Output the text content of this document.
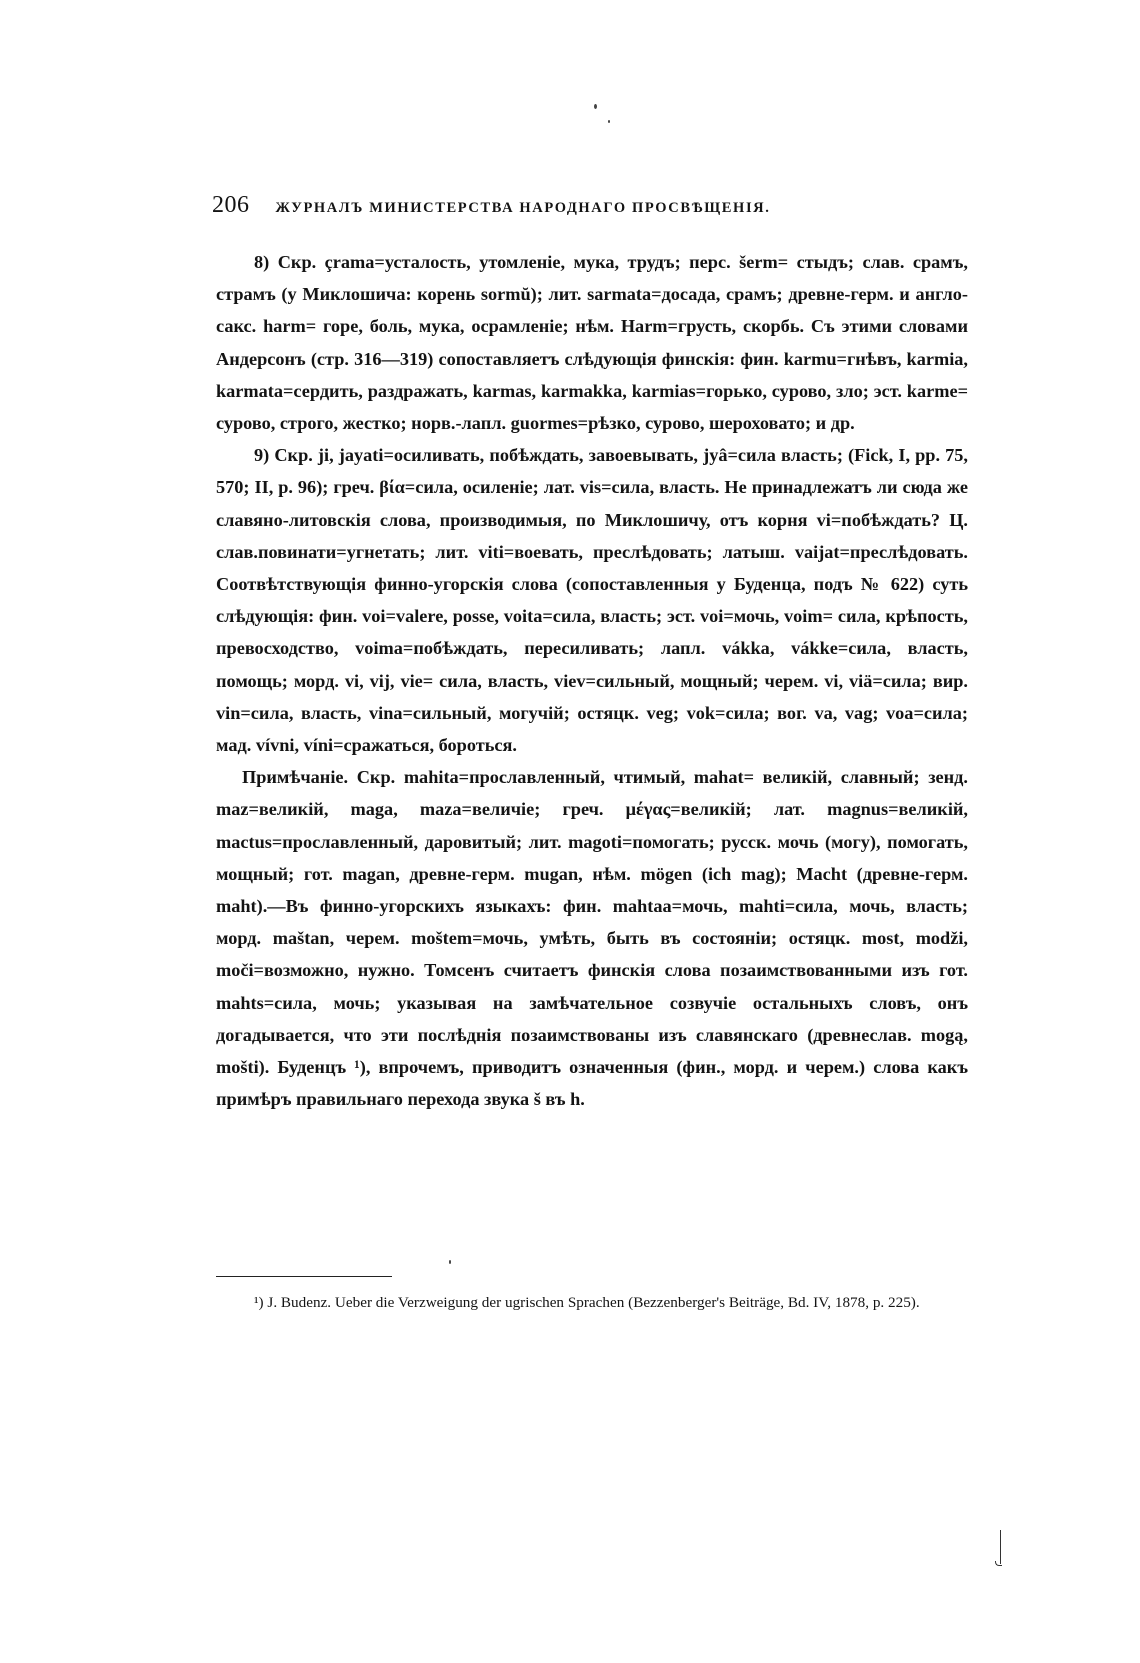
206 ЖУРНАЛЪ МИНИСТЕРСТВА НАРОДНАГО ПРОСВѢЩЕНІЯ.

8) Скр. çrama=усталость, утомленіе, мука, трудъ; перс. šerm= стыдъ; слав. срамъ, страмъ (у Миклошича: корень sormŭ); лит. sarmata=досада, срамъ; древне-герм. и англо-сакс. harm= горе, боль, мука, осрамленіе; нѣм. Harm=грусть, скорбь. Съ этими словами Андерсонъ (стр. 316—319) сопоставляетъ слѣдующія финскія: фин. karmu=гнѣвъ, karmia, karmata=сердить, раздражать, karmas, karmakka, karmias=горько, сурово, зло; эст. karme= сурово, строго, жестко; норв.-лапл. guormes=рѣзко, сурово, шероховато; и др.

9) Скр. ji, jayati=осиливать, побѣждать, завоевывать, jyâ=сила власть; (Fick, I, pp. 75, 570; II, p. 96); греч. βία=сила, осиленіе; лат. vis=сила, власть. Не принадлежатъ ли сюда же славяно-литовскія слова, производимыя, по Миклошичу, отъ корня vi=побѣждать? Ц. слав.повинати=угнетать; лит. viti=воевать, преслѣдовать; латыш. vaijat=преслѣдовать. Соотвѣтствующія финно-угорскія слова (сопоставленныя у Буденца, подъ № 622) суть слѣдующія: фин. voi=valere, posse, voita=сила, власть; эст. voi=мочь, voim= сила, крѣпость, превосходство, voima=побѣждать, пересиливать; лапл. vákka, vákke=сила, власть, помощь; морд. vi, vij, vie= сила, власть, viev=сильный, мощный; черем. vi, viä=сила; вир. vin=сила, власть, vina=сильный, могучій; остяцк. veg; vok=сила; вог. va, vag; voa=сила; мад. vívni, víni=сражаться, бороться.

Примѣчаніе. Скр. mahita=прославленный, чтимый, mahat= великій, славный; зенд. maz=великій, maga, maza=величіе; греч. μέγας=великій; лат. magnus=великій, mactus=прославленный, даровитый; лит. magoti=помогать; русск. мочь (могу), помогать, мощный; гот. magan, древне-герм. mugan, нѣм. mögen (ich mag); Macht (древне-герм. maht).—Въ финно-угорскихъ языкахъ: фин. mahtaa=мочь, mahti=сила, мочь, власть; морд. maštan, черем. moštem=мочь, умѣть, быть въ состояніи; остяцк. most, modži, moči=возможно, нужно. Томсенъ считаетъ финскія слова позаимствованными изъ гот. mahts=сила, мочь; указывая на замѣчательное созвучіе остальныхъ словъ, онъ догадывается, что эти послѣднія позаимствованы изъ славянскаго (древнеслав. mogą, mošti). Буденцъ ¹), впрочемъ, приводитъ означенныя (фин., морд. и черем.) слова какъ примѣръ правильнаго перехода звука š въ h.

¹) J. Budenz. Ueber die Verzweigung der ugrischen Sprachen (Bezzenberger's Beiträge, Bd. IV, 1878, p. 225).
